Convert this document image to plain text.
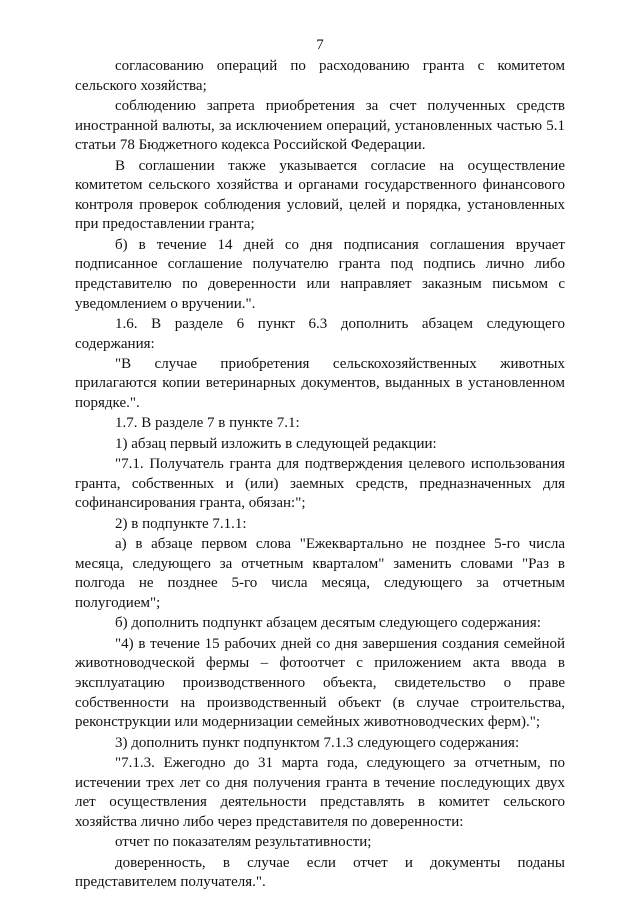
7

согласованию операций по расходованию гранта с комитетом сельского хозяйства;

соблюдению запрета приобретения за счет полученных средств иностранной валюты, за исключением операций, установленных частью 5.1 статьи 78 Бюджетного кодекса Российской Федерации.

В соглашении также указывается согласие на осуществление комитетом сельского хозяйства и органами государственного финансового контроля проверок соблюдения условий, целей и порядка, установленных при предоставлении гранта;

б) в течение 14 дней со дня подписания соглашения вручает подписанное соглашение получателю гранта под подпись лично либо представителю по доверенности или направляет заказным письмом с уведомлением о вручении.".

1.6. В разделе 6 пункт 6.3 дополнить абзацем следующего содержания:

"В случае приобретения сельскохозяйственных животных прилагаются копии ветеринарных документов, выданных в установленном порядке.".

1.7. В разделе 7 в пункте 7.1:

1) абзац первый изложить в следующей редакции:

"7.1. Получатель гранта для подтверждения целевого использования гранта, собственных и (или) заемных средств, предназначенных для софинансирования гранта, обязан:";

2) в подпункте 7.1.1:

а) в абзаце первом слова "Ежеквартально не позднее 5-го числа месяца, следующего за отчетным кварталом" заменить словами "Раз в полгода не позднее 5-го числа месяца, следующего за отчетным полугодием";

б) дополнить подпункт абзацем десятым следующего содержания:

"4) в течение 15 рабочих дней со дня завершения создания семейной животноводческой фермы – фотоотчет с приложением акта ввода в эксплуатацию производственного объекта, свидетельство о праве собственности на производственный объект (в случае строительства, реконструкции или модернизации семейных животноводческих ферм).";

3) дополнить пункт подпунктом 7.1.3 следующего содержания:

"7.1.3. Ежегодно до 31 марта года, следующего за отчетным, по истечении трех лет со дня получения гранта в течение последующих двух лет осуществления деятельности представлять в комитет сельского хозяйства лично либо через представителя по доверенности:

отчет по показателям результативности;

доверенность, в случае если отчет и документы поданы представителем получателя.".
